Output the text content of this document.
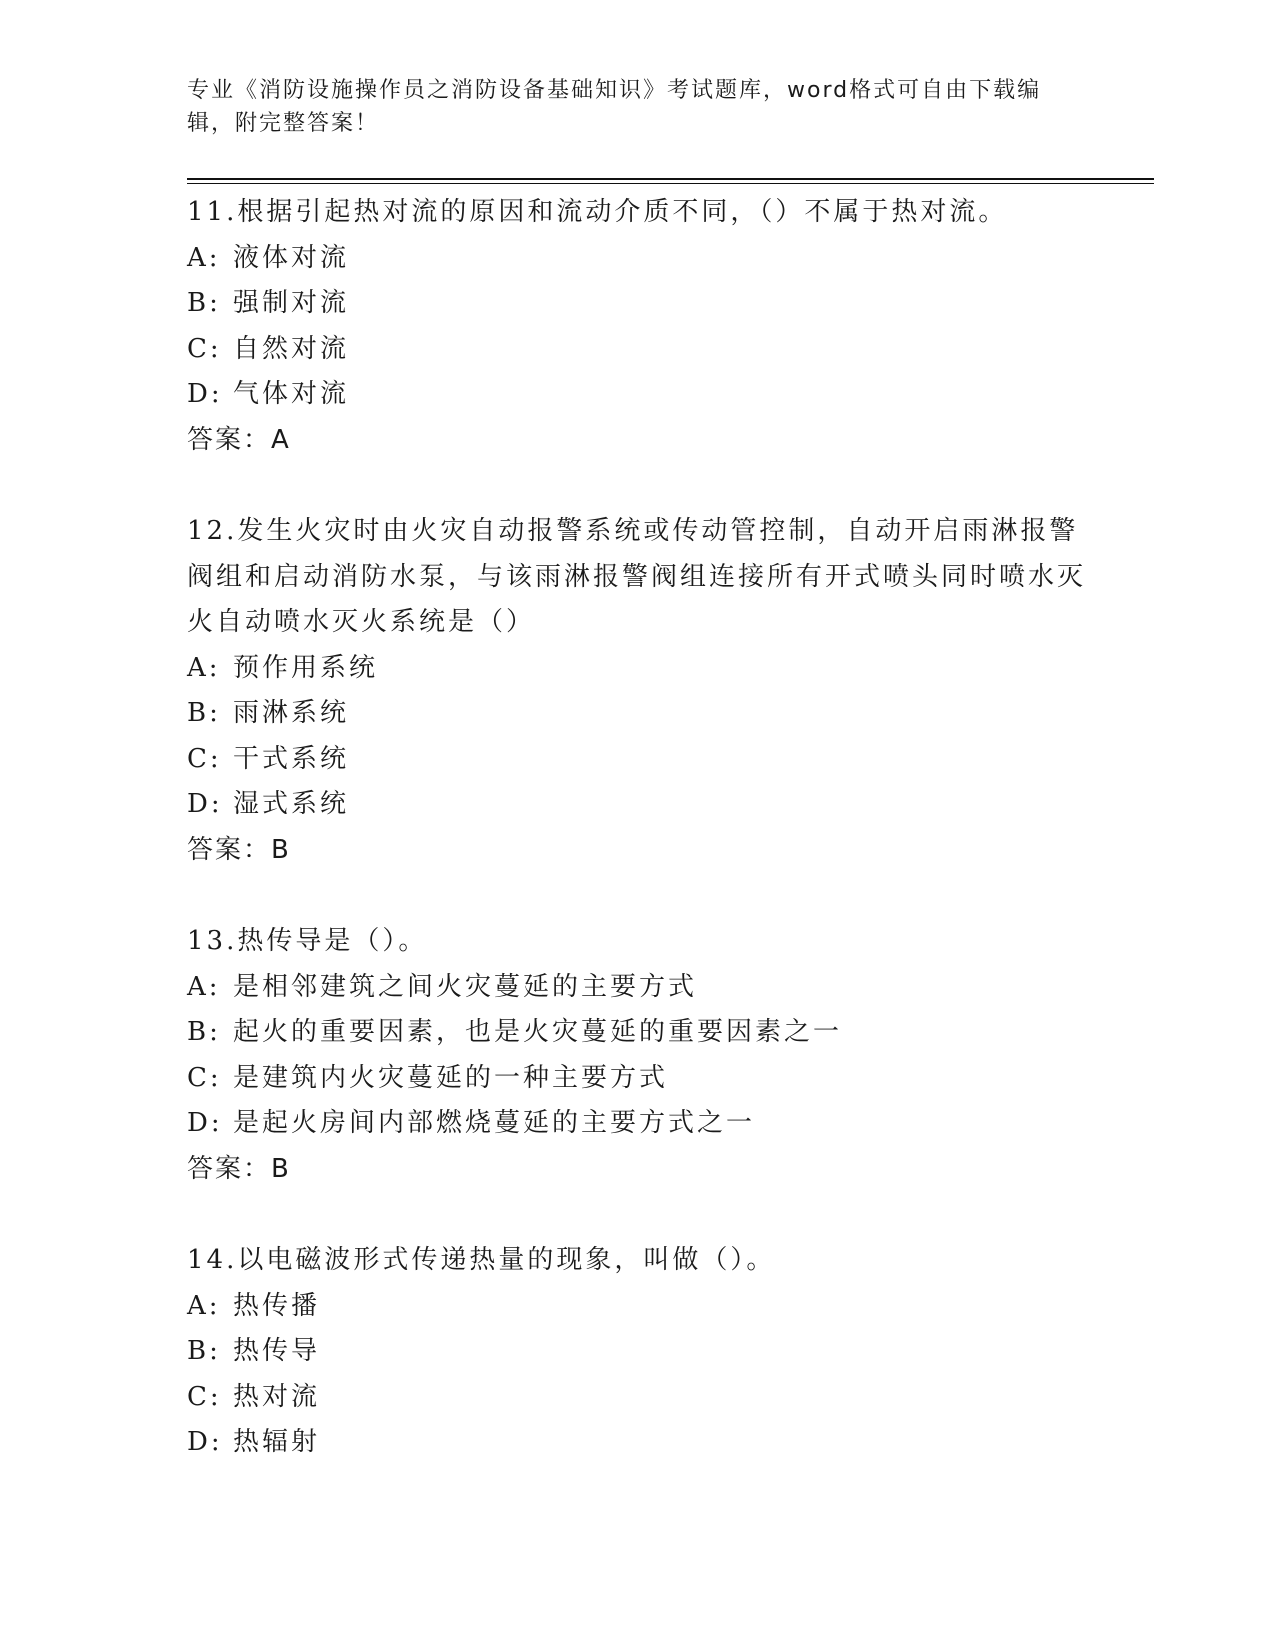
专业《消防设施操作员之消防设备基础知识》考试题库，word格式可自由下载编辑，附完整答案！
11.根据引起热对流的原因和流动介质不同，（）不属于热对流。
A: 液体对流
B: 强制对流
C: 自然对流
D: 气体对流
答案：A
12.发生火灾时由火灾自动报警系统或传动管控制，自动开启雨淋报警阀组和启动消防水泵，与该雨淋报警阀组连接所有开式喷头同时喷水灭火自动喷水灭火系统是（）
A: 预作用系统
B: 雨淋系统
C: 干式系统
D: 湿式系统
答案：B
13.热传导是（）。
A: 是相邻建筑之间火灾蔓延的主要方式
B: 起火的重要因素，也是火灾蔓延的重要因素之一
C: 是建筑内火灾蔓延的一种主要方式
D: 是起火房间内部燃烧蔓延的主要方式之一
答案：B
14.以电磁波形式传递热量的现象，叫做（）。
A: 热传播
B: 热传导
C: 热对流
D: 热辐射
